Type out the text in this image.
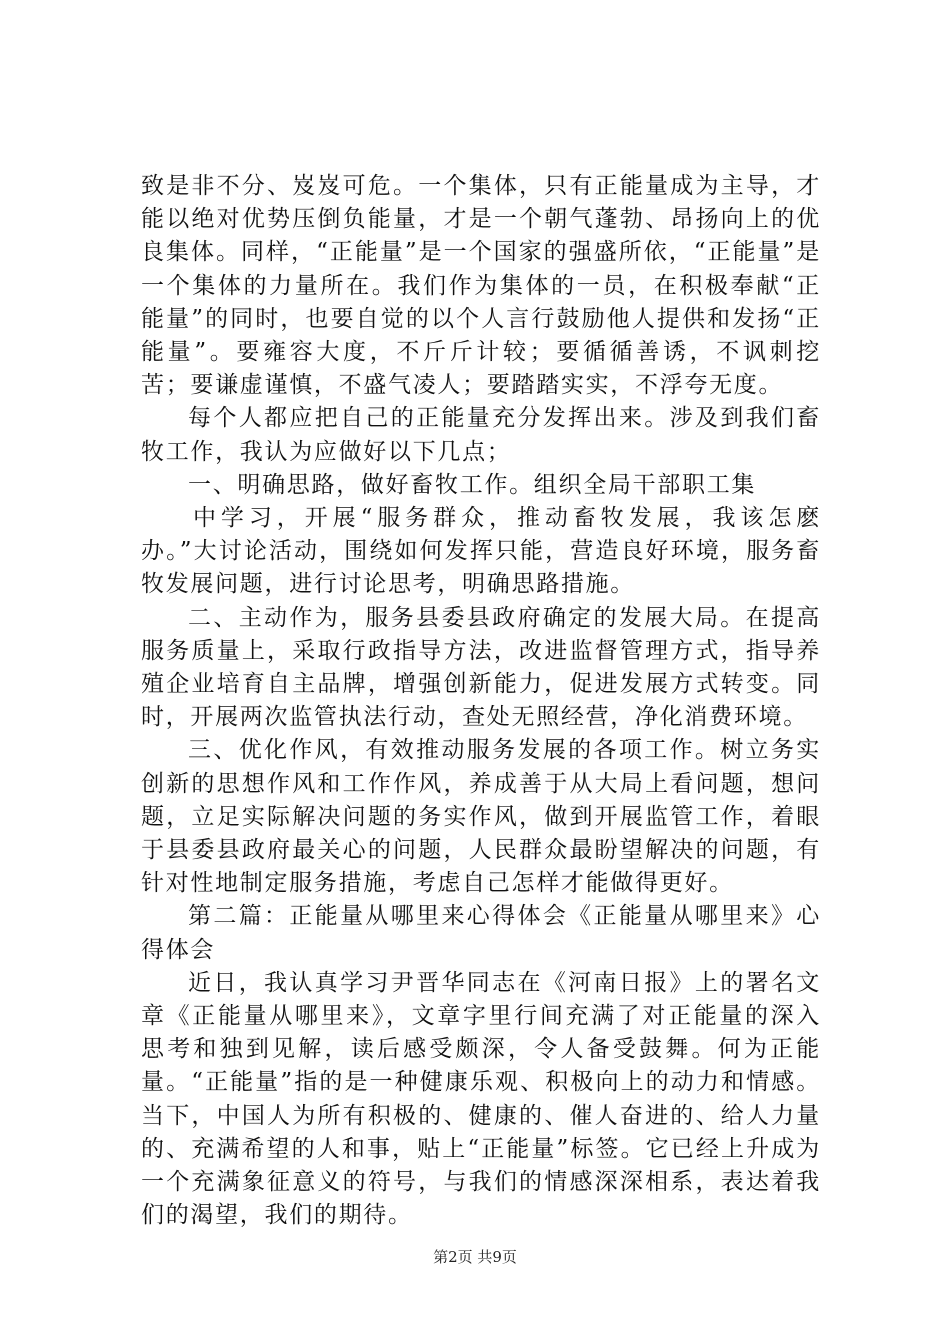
致是非不分、岌岌可危。一个集体，只有正能量成为主导，才能以绝对优势压倒负能量，才是一个朝气蓬勃、昂扬向上的优良集体。同样，“正能量”是一个国家的强盛所依，“正能量”是一个集体的力量所在。我们作为集体的一员，在积极奉献“正能量”的同时，也要自觉的以个人言行鼓励他人提供和发扬“正能量”。要雍容大度，不斤斤计较；要循循善诱，不讽刺挖苦；要谦虚谨慎，不盛气凌人；要踏踏实实，不浮夸无度。

每个人都应把自己的正能量充分发挥出来。涉及到我们畜牧工作，我认为应做好以下几点；

一、明确思路，做好畜牧工作。组织全局干部职工集

中学习，开展“服务群众，推动畜牧发展，我该怎麽办。”大讨论活动，围绕如何发挥只能，营造良好环境，服务畜牧发展问题，进行讨论思考，明确思路措施。

二、主动作为，服务县委县政府确定的发展大局。在提高服务质量上，采取行政指导方法，改进监督管理方式，指导养殖企业培育自主品牌，增强创新能力，促进发展方式转变。同时，开展两次监管执法行动，查处无照经营，净化消费环境。

三、优化作风，有效推动服务发展的各项工作。树立务实创新的思想作风和工作作风，养成善于从大局上看问题，想问题，立足实际解决问题的务实作风，做到开展监管工作，着眼于县委县政府最关心的问题，人民群众最盼望解决的问题，有针对性地制定服务措施，考虑自己怎样才能做得更好。

第二篇：正能量从哪里来心得体会《正能量从哪里来》心得体会

近日，我认真学习尹晋华同志在《河南日报》上的署名文章《正能量从哪里来》，文章字里行间充满了对正能量的深入思考和独到见解，读后感受颇深，令人备受鼓舞。何为正能量。“正能量”指的是一种健康乐观、积极向上的动力和情感。当下，中国人为所有积极的、健康的、催人奋进的、给人力量的、充满希望的人和事，贴上“正能量”标签。它已经上升成为一个充满象征意义的符号，与我们的情感深深相系，表达着我们的渴望，我们的期待。

第2页 共9页
